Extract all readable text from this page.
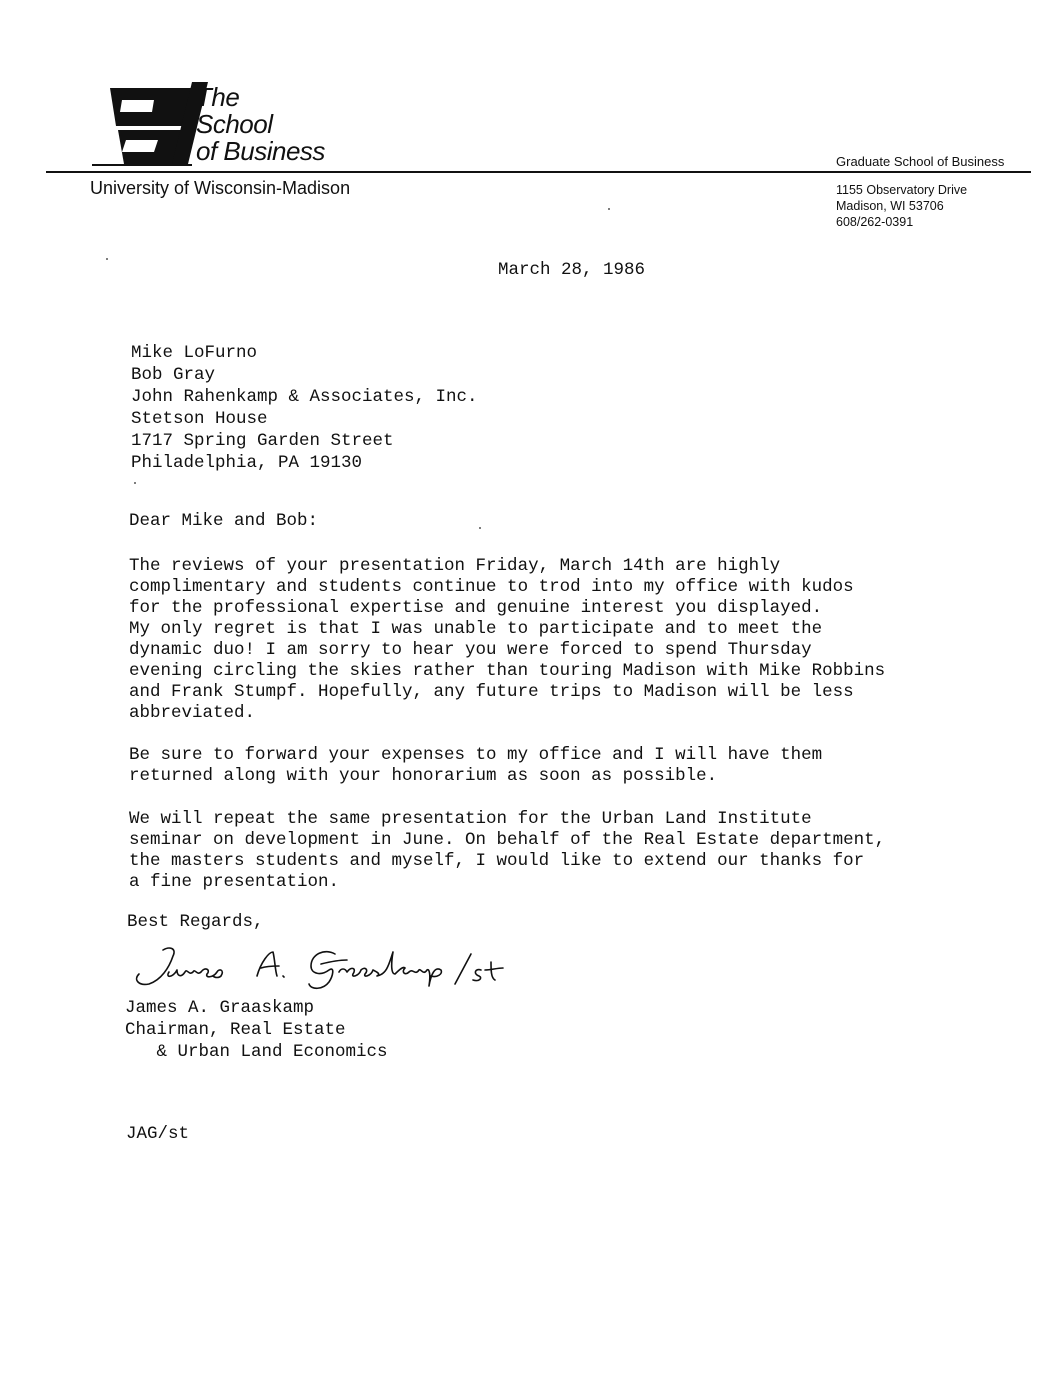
The
School
of Business
University of Wisconsin-Madison
Graduate School of Business
1155 Observatory Drive
Madison, WI 53706
608/262-0391
March 28, 1986
Mike LoFurno
Bob Gray
John Rahenkamp & Associates, Inc.
Stetson House
1717 Spring Garden Street
Philadelphia, PA 19130
Dear Mike and Bob:
The reviews of your presentation Friday, March 14th are highly
complimentary and students continue to trod into my office with kudos
for the professional expertise and genuine interest you displayed.
My only regret is that I was unable to participate and to meet the
dynamic duo! I am sorry to hear you were forced to spend Thursday
evening circling the skies rather than touring Madison with Mike Robbins
and Frank Stumpf. Hopefully, any future trips to Madison will be less
abbreviated.
Be sure to forward your expenses to my office and I will have them
returned along with your honorarium as soon as possible.
We will repeat the same presentation for the Urban Land Institute
seminar on development in June. On behalf of the Real Estate department,
the masters students and myself, I would like to extend our thanks for
a fine presentation.
Best Regards,
James A. Graaskamp
Chairman, Real Estate
& Urban Land Economics
JAG/st
